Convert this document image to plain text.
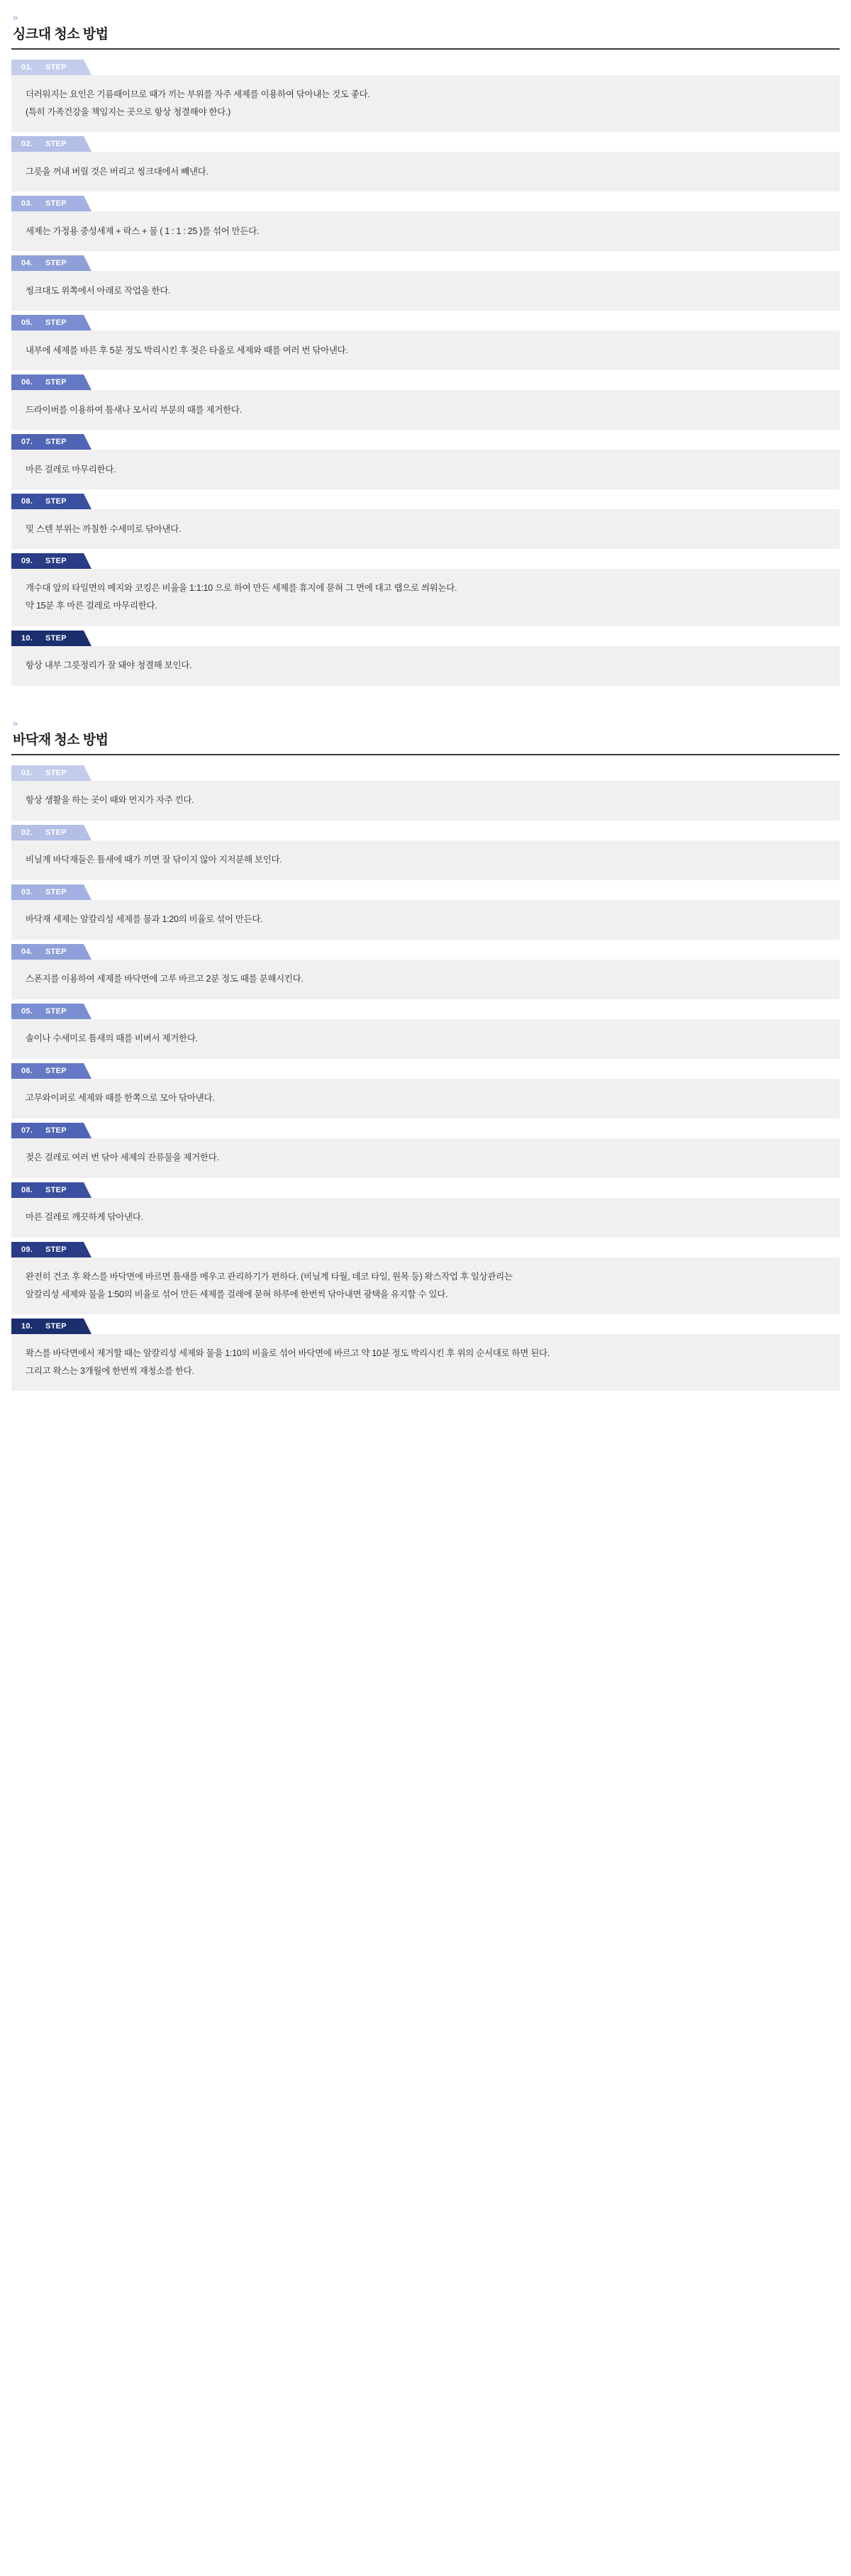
»
싱크대 청소 방법
01.	STEP

더러워지는 요인은 기름때이므로 때가 끼는 부위를 자주 세제를 이용하여 닦아내는 것도 좋다.

(특히 가족건강을 책임지는 곳으로 항상 청결해야 한다.)

02.	STEP

그릇을 꺼내 버릴 것은 버리고 씽크대에서 빼낸다.

03.	STEP

세제는 가정용 중성세제 + 락스 + 물 ( 1 : 1 : 25 )를 섞어 만든다.

04.	STEP

씽크대도 위쪽에서 아래로 작업을 한다.

05.	STEP

내부에 세제를 바른 후 5분 정도 박리시킨 후 젖은 타올로 세제와 때를 여러 번 닦아낸다.

06.	STEP

드라이버를 이용하여 틈새나 모서리 부분의 때를 제거한다.

07.	STEP

마른 걸레로 마무리한다.

08.	STEP

및 스텐 부위는 까칠한 수세미로 닦아낸다.

09.	STEP

개수대 앞의 타일면의 메지와 코킹은 비율을 1:1:10 으로 하여 만든 세제를 휴지에 묻혀 그 면에 대고 랩으로 씌워논다.

약 15분 후 마른 걸레로 마무리한다.

10.	STEP

항상 내부 그릇정리가 잘 돼야 청결해 보인다.

»
바닥재 청소 방법
01.	STEP

항상 생활을 하는 곳이 때와 먼지가 자주 낀다.

02.	STEP

비닐계 바닥재들은 틈새에 때가 끼면 잘 닦이지 않아 지저분해 보인다.

03.	STEP

바닥재 세제는 알칼리성 세제를 물과 1:20의 비율로 섞어 만든다.

04.	STEP

스폰지를 이용하여 세제를 바닥면에 고루 바르고 2분 정도 때를 분해시킨다.

05.	STEP

솔이나 수세미로 틈새의 때를 비벼서 제거한다.

06.	STEP

고무와이퍼로 세제와 때를 한쪽으로 모아 닦아낸다.

07.	STEP

젖은 걸레로 여러 번 닦아 세제의 잔류물을 제거한다.

08.	STEP

마른 걸레로 깨끗하게 닦아낸다.

09.	STEP

완전히 건조 후 왁스를 바닥면에 바르면 틈새를 메우고 관리하기가 편하다. (비닐계 타월, 데코 타일, 원목 등) 왁스작업 후 일상관리는

알칼리성 세제와 물을 1:50의 비율로 섞어 만든 세제를 걸레에 묻혀 하루에 한번씩 닦아내면 광택을 유지할 수 있다.

10.	STEP

왁스를 바닥면에서 제거할 때는 알칼리성 세제와 물을 1:10의 비율로 섞어 바닥면에 바르고 약 10분 정도 박리시킨 후 위의 순서대로 하면 된다.

그리고 왁스는 3개월에 한번씩 재청소를 한다.
